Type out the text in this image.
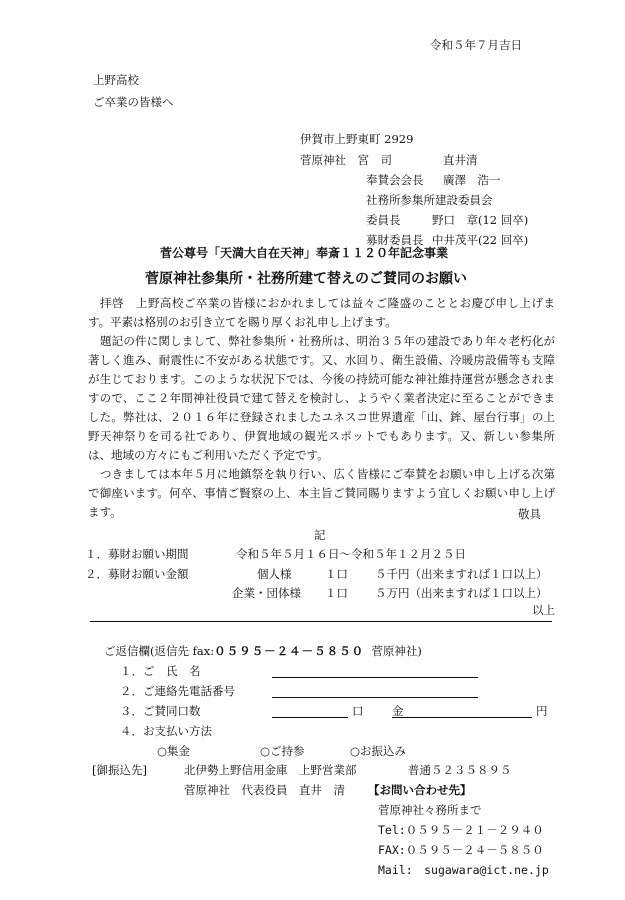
令和５年７月吉日
上野高校
ご卒業の皆様へ
伊賀市上野東町 2929
菅原神社　宮　司	直井清
奉賛会会長 廣澤　浩一
社務所参集所建設委員会
委員長	野口　章(12 回卒)
募財委員長 中井茂平(22 回卒)
菅公尊号「天満大自在天神」奉斎１１２０年記念事業
菅原神社参集所・社務所建て替えのご賛同のお願い

拝啓　上野高校ご卒業の皆様におかれましては益々ご隆盛のこととお慶び申し上げます。平素は格別のお引き立てを賜り厚くお礼申し上げます。

題記の件に関しまして、弊社参集所・社務所は、明治３５年の建設であり年々老朽化が著しく進み、耐震性に不安がある状態です。又、水回り、衛生設備、冷暖房設備等も支障が生じております。このような状況下では、今後の持続可能な神社維持運営が懸念されますので、ここ２年間神社役員で建て替えを検討し、ようやく業者決定に至ることができました。弊社は、２０１６年に登録されましたユネスコ世界遺産「山、鉾、屋台行事」の上野天神祭りを司る社であり、伊賀地域の観光スポットでもあります。又、新しい参集所は、地域の方々にもご利用いただく予定です。

つきましては本年５月に地鎮祭を執り行い、広く皆様にご奉賛をお願い申し上げる次第で御座います。何卒、事情ご賢察の上、本主旨ご賛同賜りますよう宜しくお願い申し上げます。	敬具
記
１．募財お願い期間	令和５年５月１６日～令和５年１２月２５日
２．募財お願い金額	個人様	１口 ５千円（出来ますれば１口以上）
企業・団体様 １口 ５万円（出来ますれば１口以上）
以上
ご返信欄(返信先 fax:０５９５－２４－５８５０ 菅原神社)
１．ご　氏　名
２．ご連絡先電話番号
３．ご賛同口数	口 金	円
４．お支払い方法
○集金	○ご持参	○お振込み
[御振込先]	北伊勢上野信用金庫　上野営業部	普通５２３５８９５
菅原神社　代表役員　直井　清 【お問い合わせ先】
菅原神社々務所まで
Tel:０５９５－２１－２９４０
FAX:０５９５－２４－５８５０
Mail:　sugawara@ict.ne.jp
